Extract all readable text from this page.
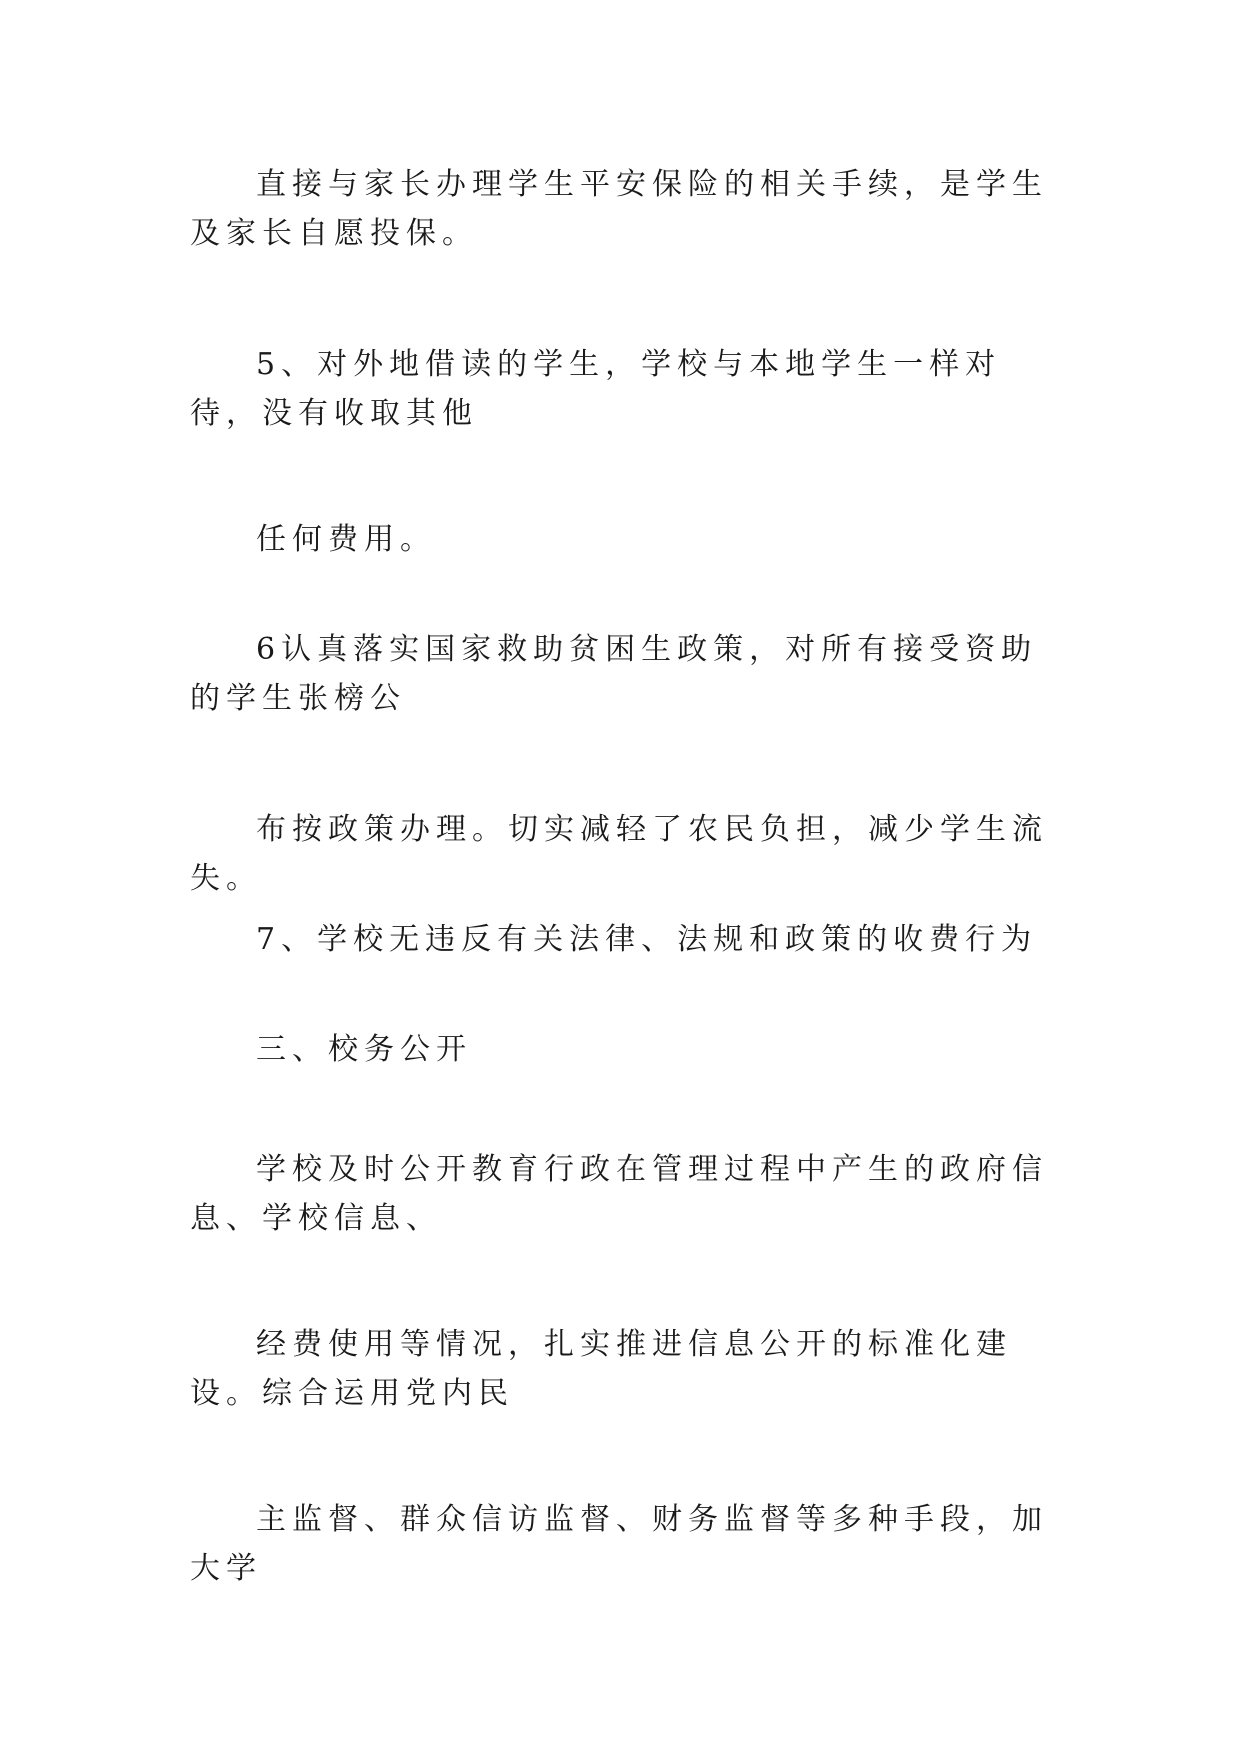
直接与家长办理学生平安保险的相关手续，是学生及家长自愿投保。

5、对外地借读的学生，学校与本地学生一样对待，没有收取其他

任何费用。

6认真落实国家救助贫困生政策，对所有接受资助的学生张榜公

布按政策办理。切实减轻了农民负担，减少学生流失。

7、学校无违反有关法律、法规和政策的收费行为

三、校务公开

学校及时公开教育行政在管理过程中产生的政府信息、学校信息、

经费使用等情况，扎实推进信息公开的标准化建设。综合运用党内民

主监督、群众信访监督、财务监督等多种手段，加大学
